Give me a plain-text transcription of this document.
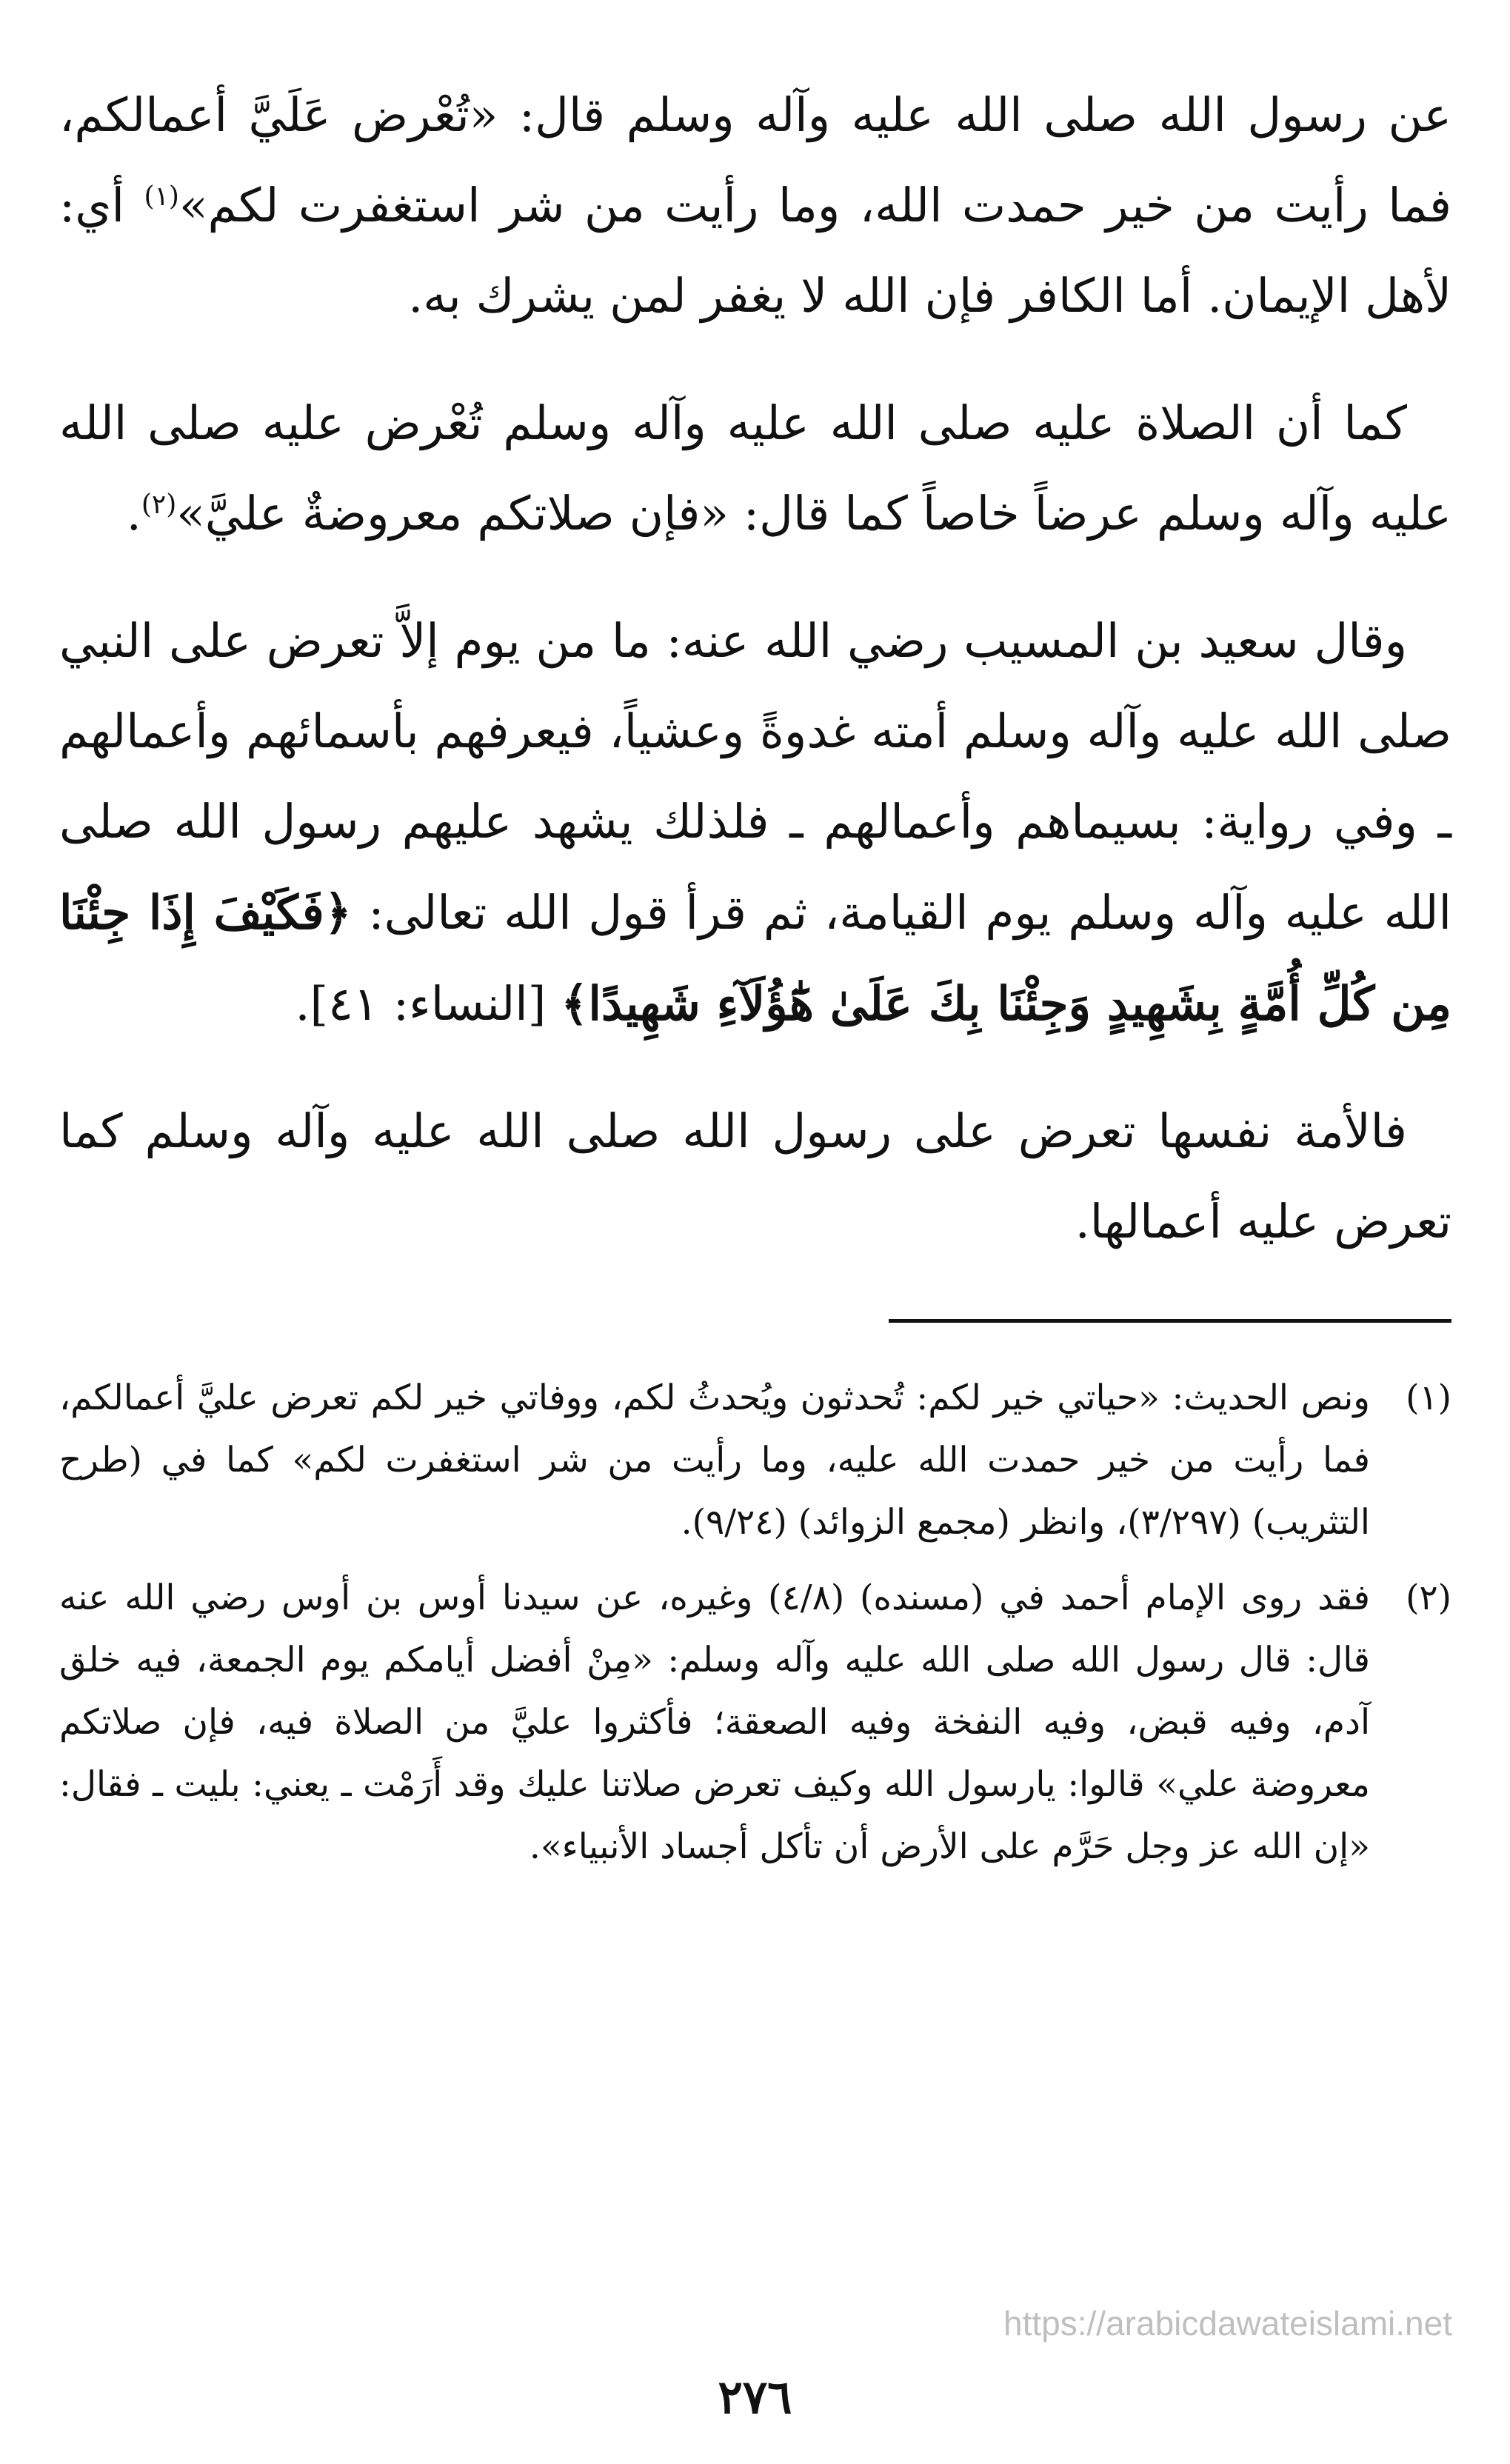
عن رسول الله صلى الله عليه وآله وسلم قال: «تُعْرض عَلَيَّ أعمالكم، فما رأيت من خير حمدت الله، وما رأيت من شر استغفرت لكم»$^{(١)}$ أي: لأهل الإيمان. أما الكافر فإن الله لا يغفر لمن يشرك به.

كما أن الصلاة عليه صلى الله عليه وآله وسلم تُعْرض عليه صلى الله عليه وآله وسلم عرضاً خاصاً كما قال: «فإن صلاتكم معروضةٌ عليَّ»$^{(٢)}$.

وقال سعيد بن المسيب رضي الله عنه: ما من يوم إلاَّ تعرض على النبي صلى الله عليه وآله وسلم أمته غدوةً وعشياً، فيعرفهم بأسمائهم وأعمالهم ـ وفي رواية: بسيماهم وأعمالهم ـ فلذلك يشهد عليهم رسول الله صلى الله عليه وآله وسلم يوم القيامة، ثم قرأ قول الله تعالى: ﴿فَكَيْفَ إِذَا جِئْنَا مِن كُلِّ أُمَّةٍ بِشَهِيدٍ وَجِئْنَا بِكَ عَلَىٰ هَٰٓؤُلَآءِ شَهِيدًا﴾ [النساء: ٤١].

فالأمة نفسها تعرض على رسول الله صلى الله عليه وآله وسلم كما تعرض عليه أعمالها.

(١)
ونص الحديث: «حياتي خير لكم: تُحدثون ويُحدثُ لكم، ووفاتي خير لكم تعرض عليَّ أعمالكم، فما رأيت من خير حمدت الله عليه، وما رأيت من شر استغفرت لكم» كما في (طرح التثريب) (٣/٢٩٧)، وانظر (مجمع الزوائد) (٩/٢٤).
(٢)
فقد روى الإمام أحمد في (مسنده) (٤/٨) وغيره، عن سيدنا أوس بن أوس رضي الله عنه قال: قال رسول الله صلى الله عليه وآله وسلم: «مِنْ أفضل أيامكم يوم الجمعة، فيه خلق آدم، وفيه قبض، وفيه النفخة وفيه الصعقة؛ فأكثروا عليَّ من الصلاة فيه، فإن صلاتكم معروضة علي» قالوا: يارسول الله وكيف تعرض صلاتنا عليك وقد أَرَمْت ـ يعني: بليت ـ فقال: «إن الله عز وجل حَرَّم على الأرض أن تأكل أجساد الأنبياء».
https://arabicdawateislami.net
٢٧٦
